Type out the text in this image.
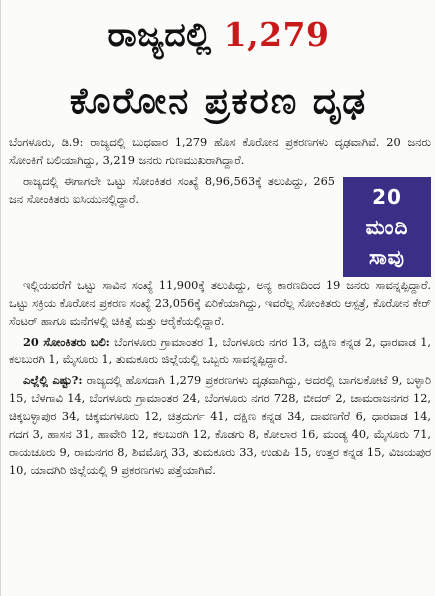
ರಾಜ್ಯದಲ್ಲಿ 1,279
ಕೊರೋನ ಪ್ರಕರಣ ದೃಢ

ಬೆಂಗಳೂರು, ಡಿ.9: ರಾಜ್ಯದಲ್ಲಿ ಬುಧವಾರ 1,279 ಹೊಸ ಕೊರೋನ ಪ್ರಕರಣಗಳು ದೃಢವಾಗಿವೆ. 20 ಜನರು ಸೋಂಕಿಗೆ ಬಲಿಯಾಗಿದ್ದು, 3,219 ಜನರು ಗುಣಮುಖರಾಗಿದ್ದಾರೆ.

ರಾಜ್ಯದಲ್ಲಿ ಈಗಾಗಲೇ ಒಟ್ಟು ಸೋಂಕಿತರ ಸಂಖ್ಯೆ 8,96,563ಕ್ಕೆ ತಲುಪಿದ್ದು, 265 ಜನ ಸೋಂಕಿತರು ಐಸಿಯುನಲ್ಲಿದ್ದಾರೆ.	20
ಮಂದಿ
ಸಾವು

ಇಲ್ಲಿಯವರೆಗೆ ಒಟ್ಟು ಸಾವಿನ ಸಂಖ್ಯೆ 11,900ಕ್ಕೆ ತಲುಪಿದ್ದು, ಅನ್ಯ ಕಾರಣದಿಂದ 19 ಜನರು ಸಾವನ್ನಪ್ಪಿದ್ದಾರೆ. ಒಟ್ಟು ಸಕ್ರಿಯ ಕೊರೋನ ಪ್ರಕರಣ ಸಂಖ್ಯೆ 23,056ಕ್ಕೆ ಏರಿಕೆಯಾಗಿದ್ದು, ಇವರೆಲ್ಲ ಸೋಂಕಿತರು ಆಸ್ಪತ್ರೆ, ಕೊರೋನ ಕೇರ್ ಸೆಂಟರ್ ಹಾಗೂ ಮನೆಗಳಲ್ಲಿ ಚಿಕಿತ್ಸೆ ಮತ್ತು ಆರೈಕೆಯಲ್ಲಿದ್ದಾರೆ.

20 ಸೋಂಕಿತರು ಬಲಿ: ಬೆಂಗಳೂರು ಗ್ರಾಮಾಂತರ 1, ಬೆಂಗಳೂರು ನಗರ 13, ದಕ್ಷಿಣ ಕನ್ನಡ 2, ಧಾರವಾಡ 1, ಕಲಬುರಗಿ 1, ಮೈಸೂರು 1, ತುಮಕೂರು ಜಿಲ್ಲೆಯಲ್ಲಿ ಒಬ್ಬರು ಸಾವನ್ನಪ್ಪಿದ್ದಾರೆ.

ಎಲ್ಲೆಲ್ಲಿ ಎಷ್ಟು?: ರಾಜ್ಯದಲ್ಲಿ ಹೊಸದಾಗಿ 1,279 ಪ್ರಕರಣಗಳು ದೃಢವಾಗಿದ್ದು, ಅದರಲ್ಲಿ ಬಾಗಲಕೋಟೆ 9, ಬಳ್ಳಾರಿ 15, ಬೆಳಗಾವಿ 14, ಬೆಂಗಳೂರು ಗ್ರಾಮಾಂತರ 24, ಬೆಂಗಳೂರು ನಗರ 728, ಬೀದರ್ 2, ಚಾಮರಾಜನಗರ 12, ಚಿಕ್ಕಬಳ್ಳಾಪುರ 34, ಚಿಕ್ಕಮಗಳೂರು 12, ಚಿತ್ರದುರ್ಗ 41, ದಕ್ಷಿಣ ಕನ್ನಡ 34, ದಾವಣಗೆರೆ 6, ಧಾರವಾಡ 14, ಗದಗ 3, ಹಾಸನ 31, ಹಾವೇರಿ 12, ಕಲಬುರಗಿ 12, ಕೊಡಗು 8, ಕೋಲಾರ 16, ಮಂಡ್ಯ 40, ಮೈಸೂರು 71, ರಾಯಚೂರು 9, ರಾಮನಗರ 8, ಶಿವಮೊಗ್ಗ 33, ತುಮಕೂರು 33, ಉಡುಪಿ 15, ಉತ್ತರ ಕನ್ನಡ 15, ವಿಜಯಪುರ 10, ಯಾದಗಿರಿ ಜಿಲ್ಲೆಯಲ್ಲಿ 9 ಪ್ರಕರಣಗಳು ಪತ್ತೆಯಾಗಿವೆ.
